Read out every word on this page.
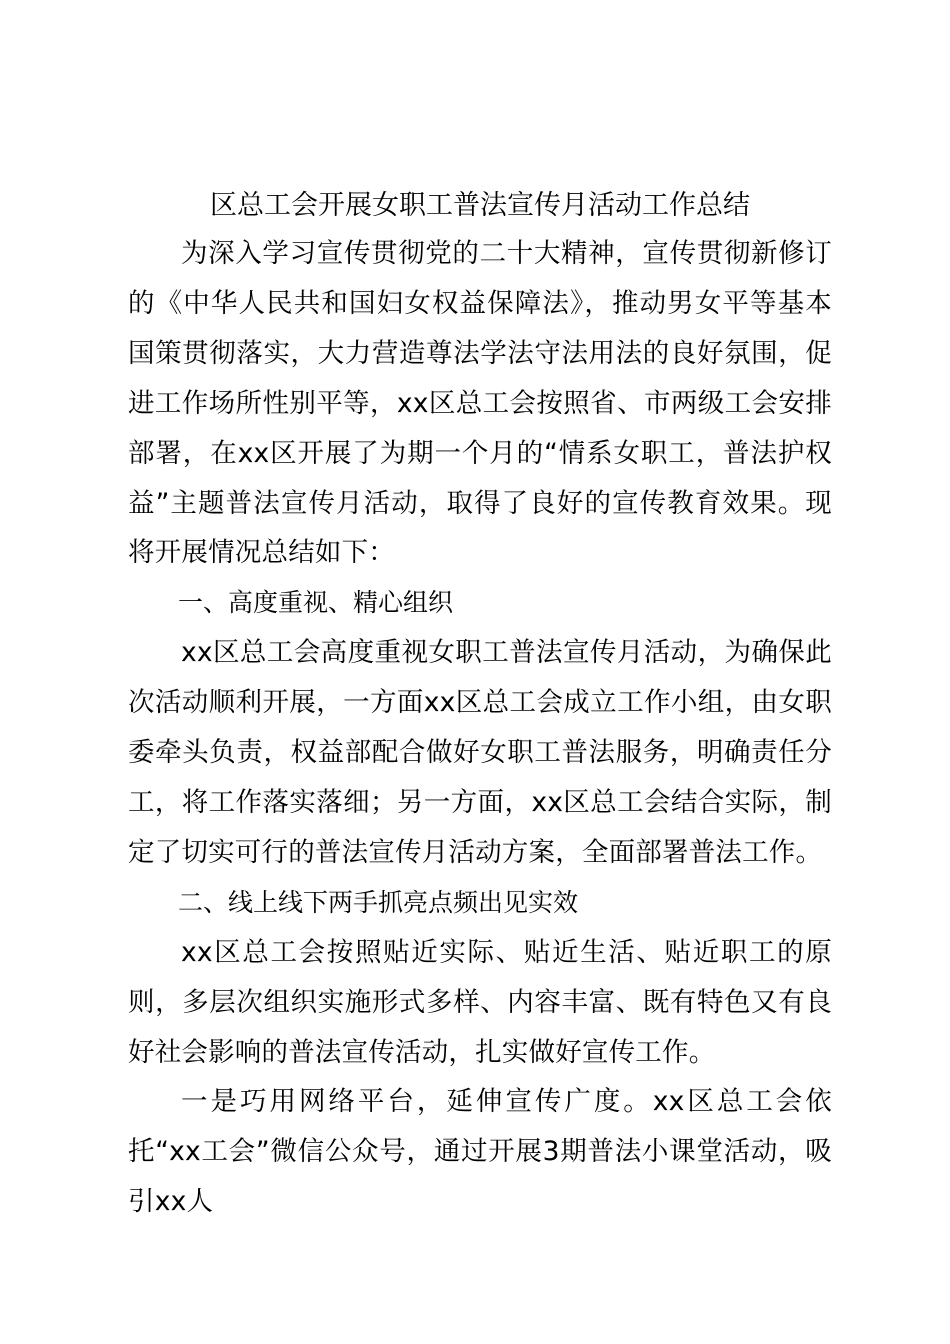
区总工会开展女职工普法宣传月活动工作总结

为深入学习宣传贯彻党的二十大精神，宣传贯彻新修订的《中华人民共和国妇女权益保障法》，推动男女平等基本国策贯彻落实，大力营造尊法学法守法用法的良好氛围，促进工作场所性别平等，xx区总工会按照省、市两级工会安排部署，在xx区开展了为期一个月的“情系女职工，普法护权益”主题普法宣传月活动，取得了良好的宣传教育效果。现将开展情况总结如下：

一、高度重视、精心组织

xx区总工会高度重视女职工普法宣传月活动，为确保此次活动顺利开展，一方面xx区总工会成立工作小组，由女职委牵头负责，权益部配合做好女职工普法服务，明确责任分工，将工作落实落细；另一方面，xx区总工会结合实际，制定了切实可行的普法宣传月活动方案，全面部署普法工作。

二、线上线下两手抓亮点频出见实效

xx区总工会按照贴近实际、贴近生活、贴近职工的原则，多层次组织实施形式多样、内容丰富、既有特色又有良好社会影响的普法宣传活动，扎实做好宣传工作。

一是巧用网络平台，延伸宣传广度。xx区总工会依托“xx工会”微信公众号，通过开展3期普法小课堂活动，吸引xx人
